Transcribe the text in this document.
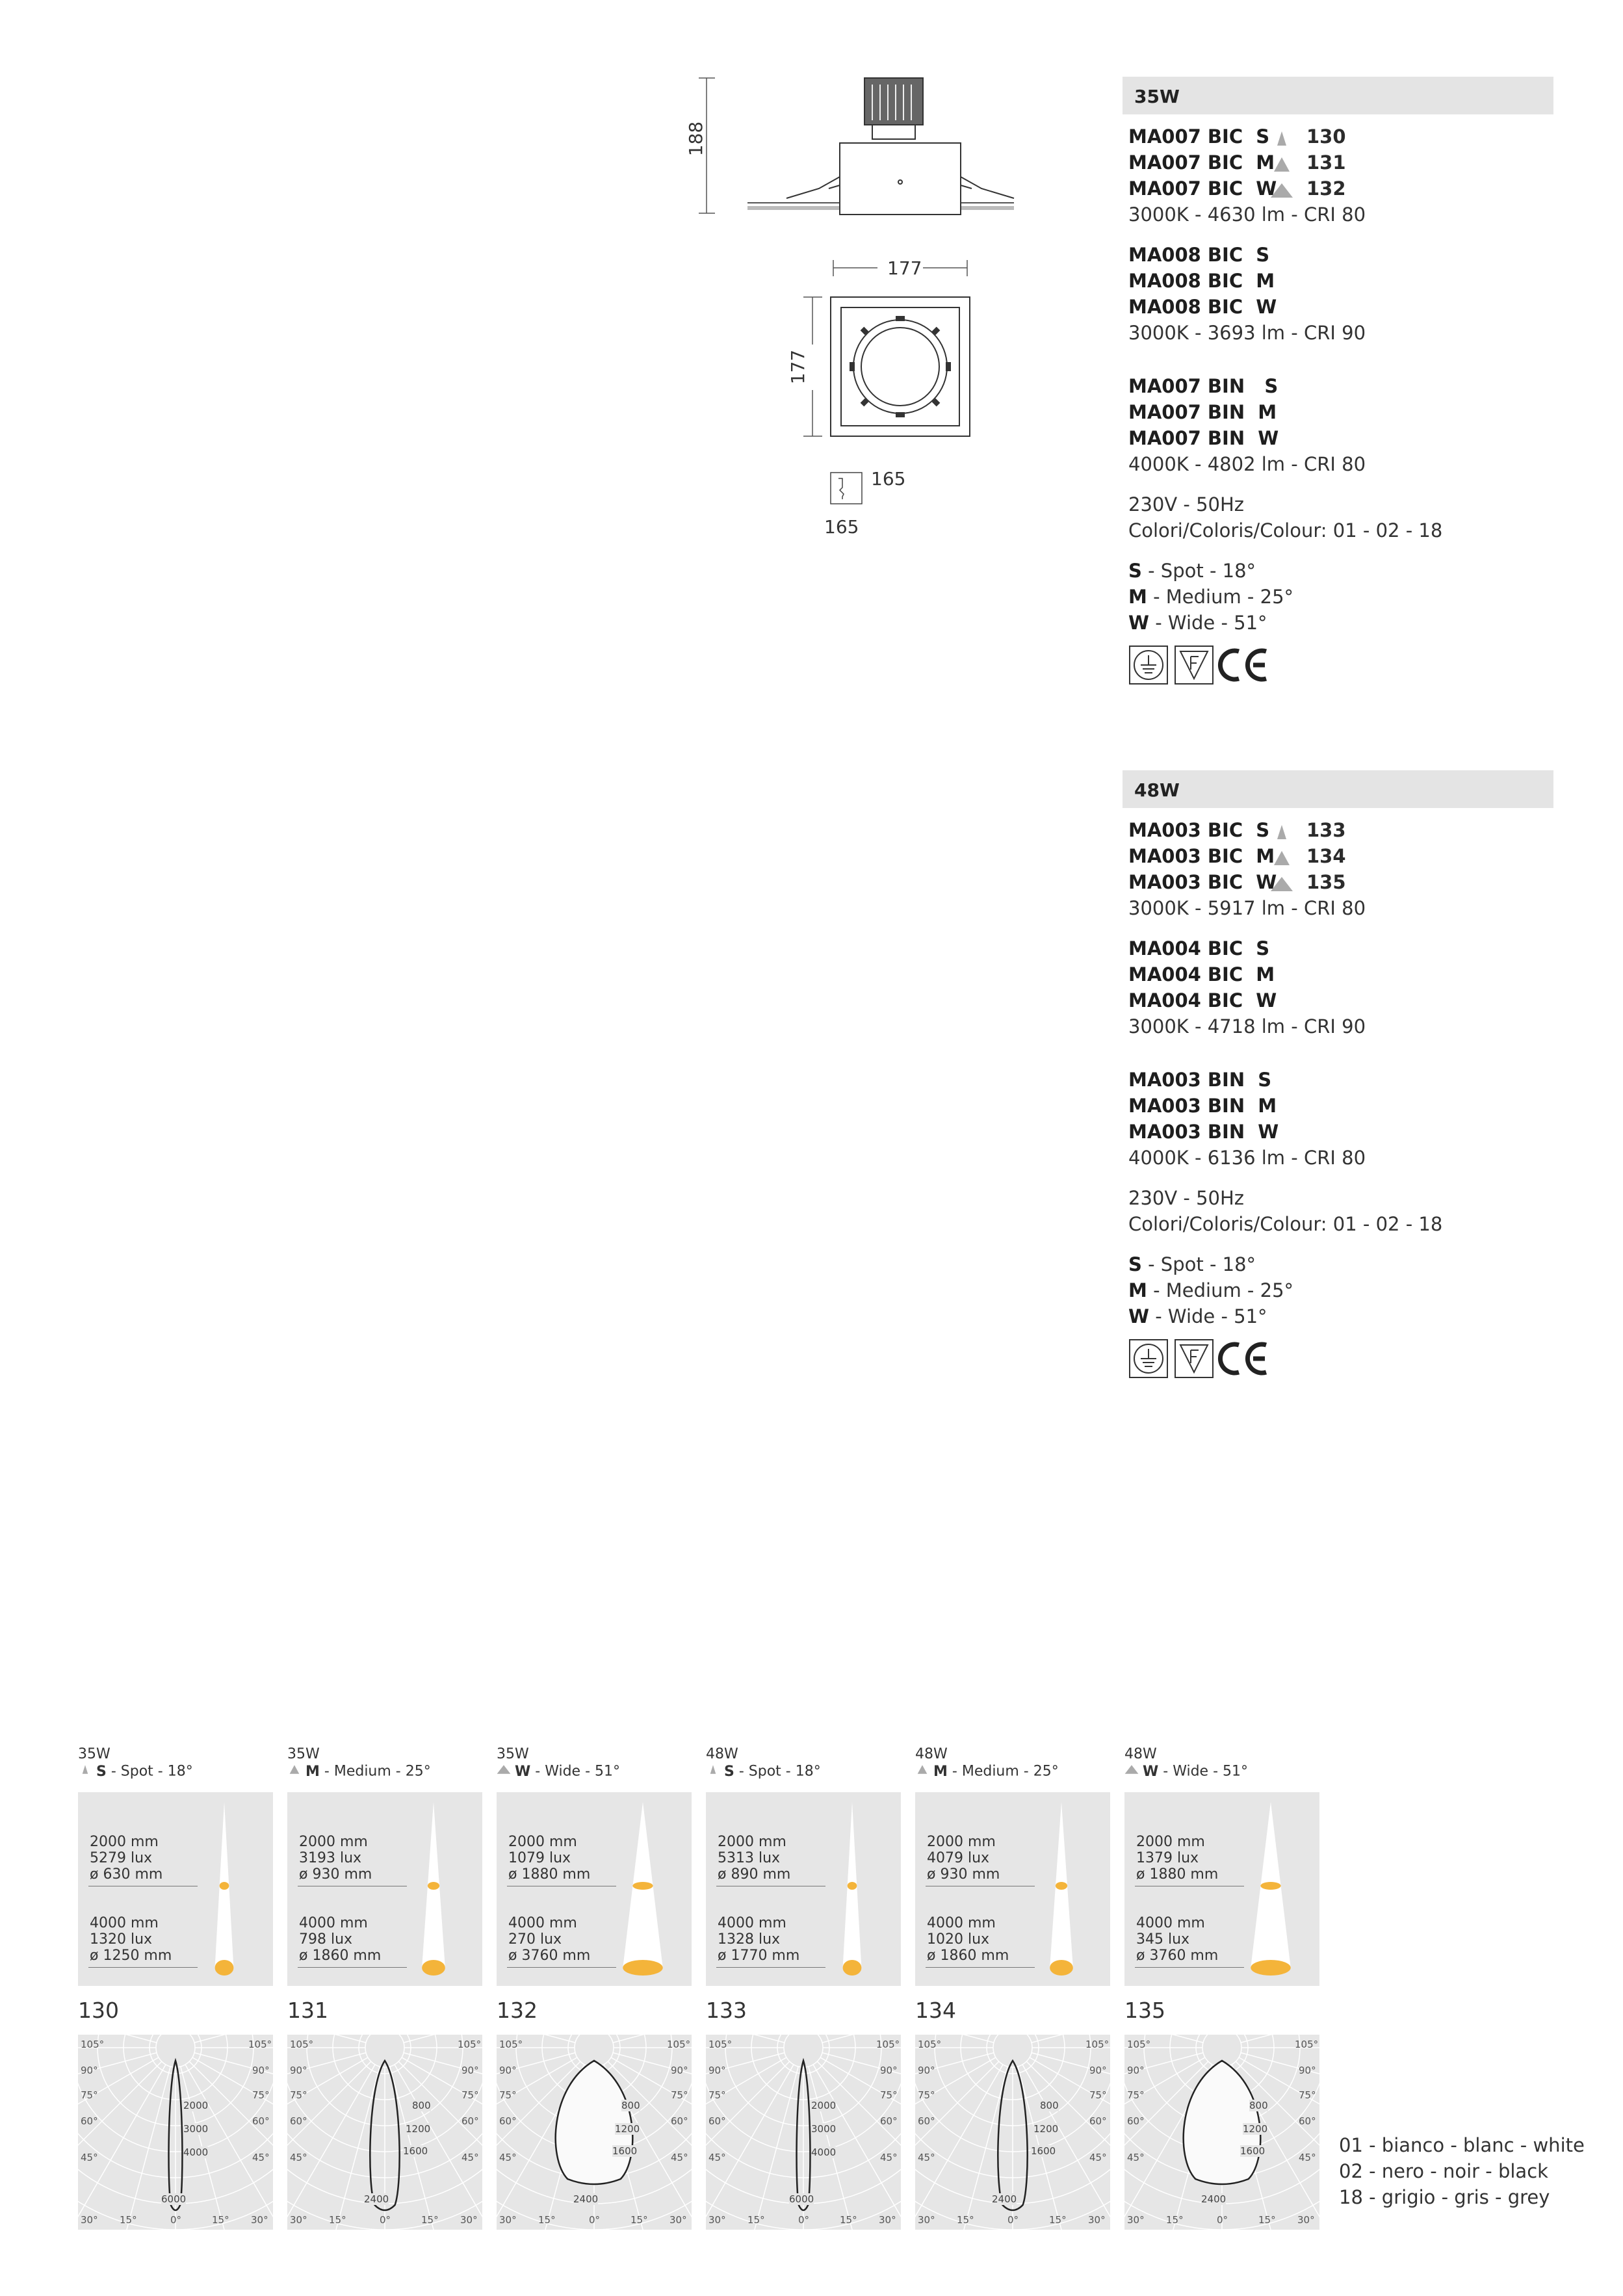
188
177
177
165
165
35W
MA007 BIC  S 130
MA007 BIC  M 131
MA007 BIC  W 132
3000K - 4630 lm - CRI 80
MA008 BIC  S
MA008 BIC  M
MA008 BIC  W
3000K - 3693 lm - CRI 90
MA007 BIN   S
MA007 BIN  M
MA007 BIN  W
4000K - 4802 lm - CRI 80
230V - 50Hz
Colori/Coloris/Colour: 01 - 02 - 18
S - Spot - 18°
M - Medium - 25°
W - Wide - 51°
48W
MA003 BIC  S 133
MA003 BIC  M 134
MA003 BIC  W 135
3000K - 5917 lm - CRI 80
MA004 BIC  S
MA004 BIC  M
MA004 BIC  W
3000K - 4718 lm - CRI 90
MA003 BIN  S
MA003 BIN  M
MA003 BIN  W
4000K - 6136 lm - CRI 80
230V - 50Hz
Colori/Coloris/Colour: 01 - 02 - 18
S - Spot - 18°
M - Medium - 25°
W - Wide - 51°
35W
S - Spot - 18°
2000 mm
5279 lux
ø 630 mm
4000 mm
1320 lux
ø 1250 mm
130
105°
90°
75°
60°
45°
30° 15°	0°
105°
90°
75°
60°
45°
30°
15°
2000
3000
4000
6000
35W
M - Medium - 25°
2000 mm
3193 lux
ø 930 mm
4000 mm
798 lux
ø 1860 mm
131
105°
90°
75°
60°
45°
30° 15°	0°
105°
90°
75°
60°
45°
30°
15°
800
1200
1600
2400
35W
W - Wide - 51°
2000 mm
1079 lux
ø 1880 mm
4000 mm
270 lux
ø 3760 mm
132
105°
90°
75°
60°
45°
30° 15°	0°
105°
90°
75°
60°
45°
30°
15°
800
1200
1600
2400
48W
S - Spot - 18°
2000 mm
5313 lux
ø 890 mm
4000 mm
1328 lux
ø 1770 mm
133
105°
90°
75°
60°
45°
30° 15°	0°
105°
90°
75°
60°
45°
30°
15°
2000
3000
4000
6000
48W
M - Medium - 25°
2000 mm
4079 lux
ø 930 mm
4000 mm
1020 lux
ø 1860 mm
134
105°
90°
75°
60°
45°
30° 15°	0°
105°
90°
75°
60°
45°
30°
15°
800
1200
1600
2400
48W
W - Wide - 51°
2000 mm
1379 lux
ø 1880 mm
4000 mm
345 lux
ø 3760 mm
135
105°
90°
75°
60°
45°
30° 15°	0°
105°
90°
75°
60°
45°
30°
15°
800
1200
1600
2400
01 - bianco - blanc - white
02 - nero - noir - black
18 - grigio - gris - grey
